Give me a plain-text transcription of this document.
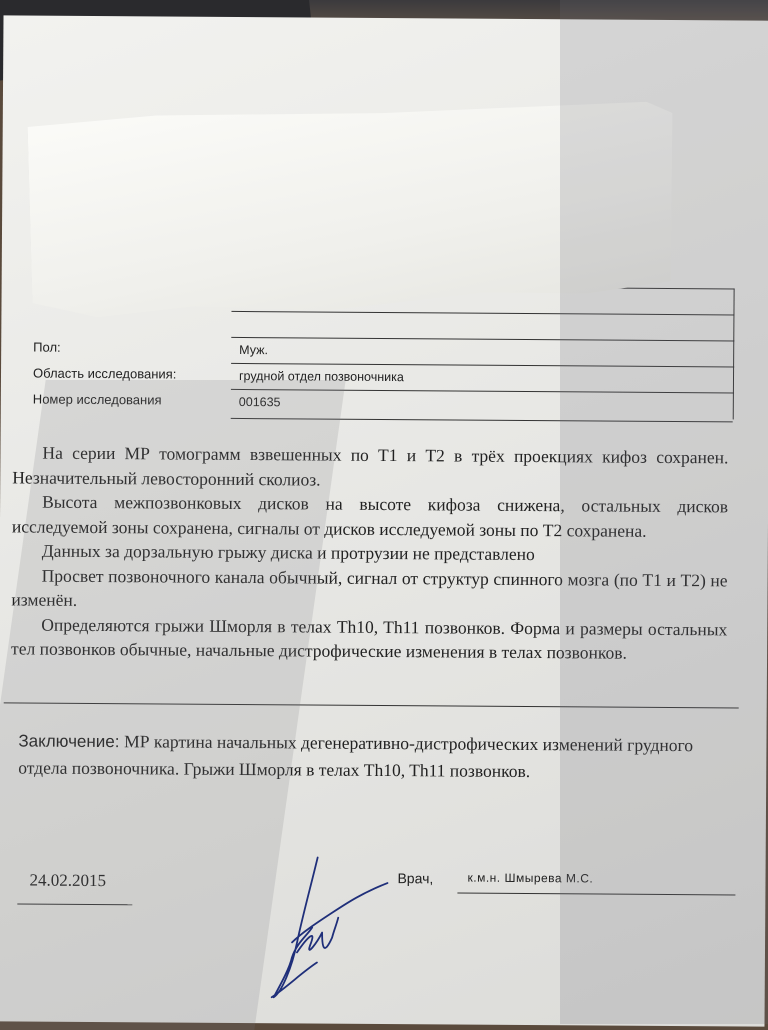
Пол:	Муж.
Область исследования:	грудной отдел позвоночника
Номер исследования	001635

На серии МР томограмм взвешенных по Т1 и Т2 в трёх проекциях кифоз сохранен. Незначительный левосторонний сколиоз.

Высота межпозвонковых дисков на высоте кифоза снижена, остальных дисков исследуемой зоны сохранена, сигналы от дисков исследуемой зоны по Т2 сохранена.

Данных за дорзальную грыжу диска и протрузии не представлено

Просвет позвоночного канала обычный, сигнал от структур спинного мозга (по Т1 и Т2) не изменён.

Определяются грыжи Шморля в телах Th10, Th11 позвонков. Форма и размеры остальных тел позвонков обычные, начальные дистрофические изменения в телах позвонков.

Заключение: МР картина начальных дегенеративно-дистрофических изменений грудного отдела позвоночника. Грыжи Шморля в телах Th10, Th11 позвонков.
24.02.2015	Врач,	к.м.н. Шмырева М.С.
